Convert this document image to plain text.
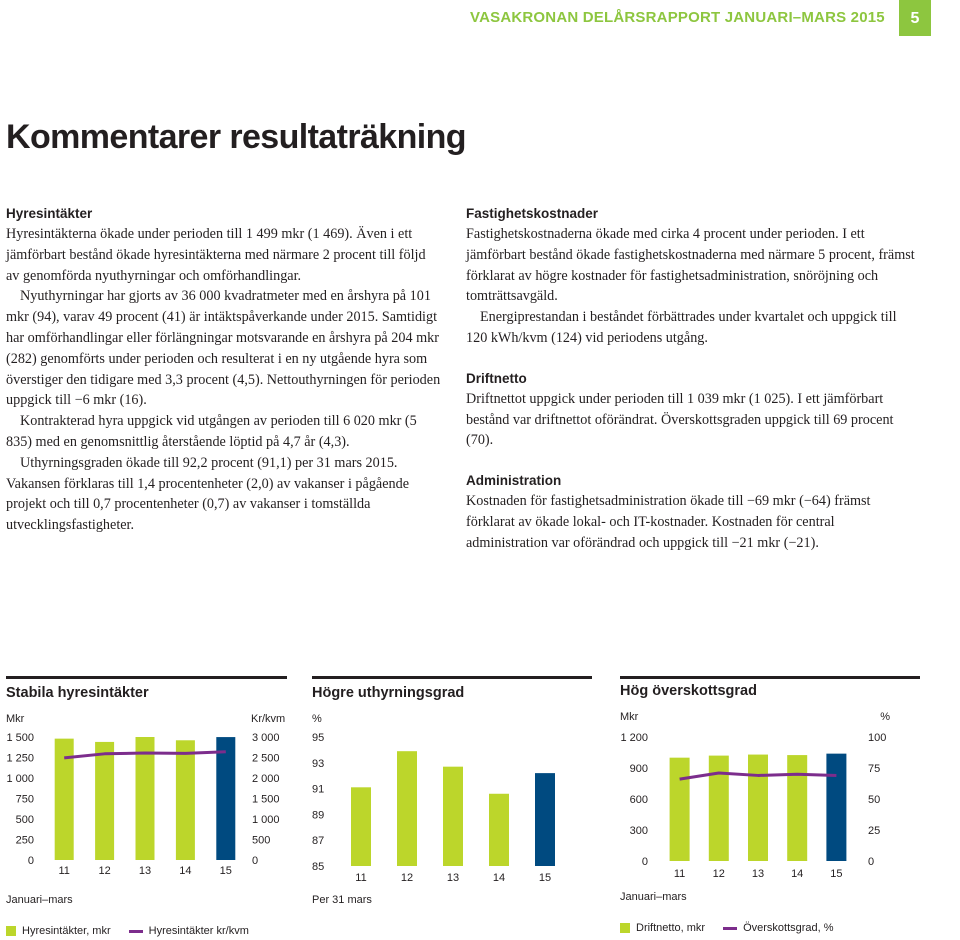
VASAKRONAN DELÅRSRAPPORT JANUARI–MARS 2015	5
Kommentarer resultaträkning

Hyresintäkter

Hyresintäkterna ökade under perioden till 1 499 mkr (1 469). Även i ett jämförbart bestånd ökade hyresintäkterna med närmare 2 procent till följd av genomförda nyuthyrningar och omförhandlingar.

Nyuthyrningar har gjorts av 36 000 kvadratmeter med en årshyra på 101 mkr (94), varav 49 procent (41) är intäktspåverkande under 2015. Samtidigt har omförhandlingar eller förlängningar motsvarande en årshyra på 204 mkr (282) genomförts under perioden och resulterat i en ny utgående hyra som överstiger den tidigare med 3,3 procent (4,5). Nettouthyrningen för perioden uppgick till −6 mkr (16).

Kontrakterad hyra uppgick vid utgången av perioden till 6 020 mkr (5 835) med en genomsnittlig återstående löptid på 4,7 år (4,3).

Uthyrningsgraden ökade till 92,2 procent (91,1) per 31 mars 2015. Vakansen förklaras till 1,4 procentenheter (2,0) av vakanser i pågående projekt och till 0,7 procentenheter (0,7) av vakanser i tomställda utvecklingsfastigheter.

Fastighetskostnader

Fastighetskostnaderna ökade med cirka 4 procent under perioden. I ett jämförbart bestånd ökade fastighetskostnaderna med närmare 5 procent, främst förklarat av högre kostnader för fastighetsadministration, snöröjning och tomträttsavgäld.

Energiprestandan i beståndet förbättrades under kvartalet och uppgick till 120 kWh/kvm (124) vid periodens utgång.

Driftnetto

Driftnettot uppgick under perioden till 1 039 mkr (1 025). I ett jämförbart bestånd var driftnettot oförändrat. Överskottsgraden uppgick till 69 procent (70).

Administration

Kostnaden för fastighetsadministration ökade till −69 mkr (−64) främst förklarat av ökade lokal- och IT-kostnader. Kostnaden för central administration var oförändrad och uppgick till −21 mkr (−21).

Stabila hyresintäkter	Högre uthyrningsgrad	Hög överskottsgrad
Mkr	Kr/kvm
0
250
500
750
1 000
1 250
1 500
0
500
1 000
1 500
2 000
2 500
3 000
11	12	13	14	15
Januari–mars
%
85
87
89
91
93
95
11	12	13	14	15
Per 31 mars
Mkr	%
0
300
600
900
1 200
0
25
50
75
100
11 12 13 14 15
Januari–mars
Hyresintäkter, mkr	Hyresintäkter kr/kvm	Driftnetto, mkr	Överskottsgrad, %
